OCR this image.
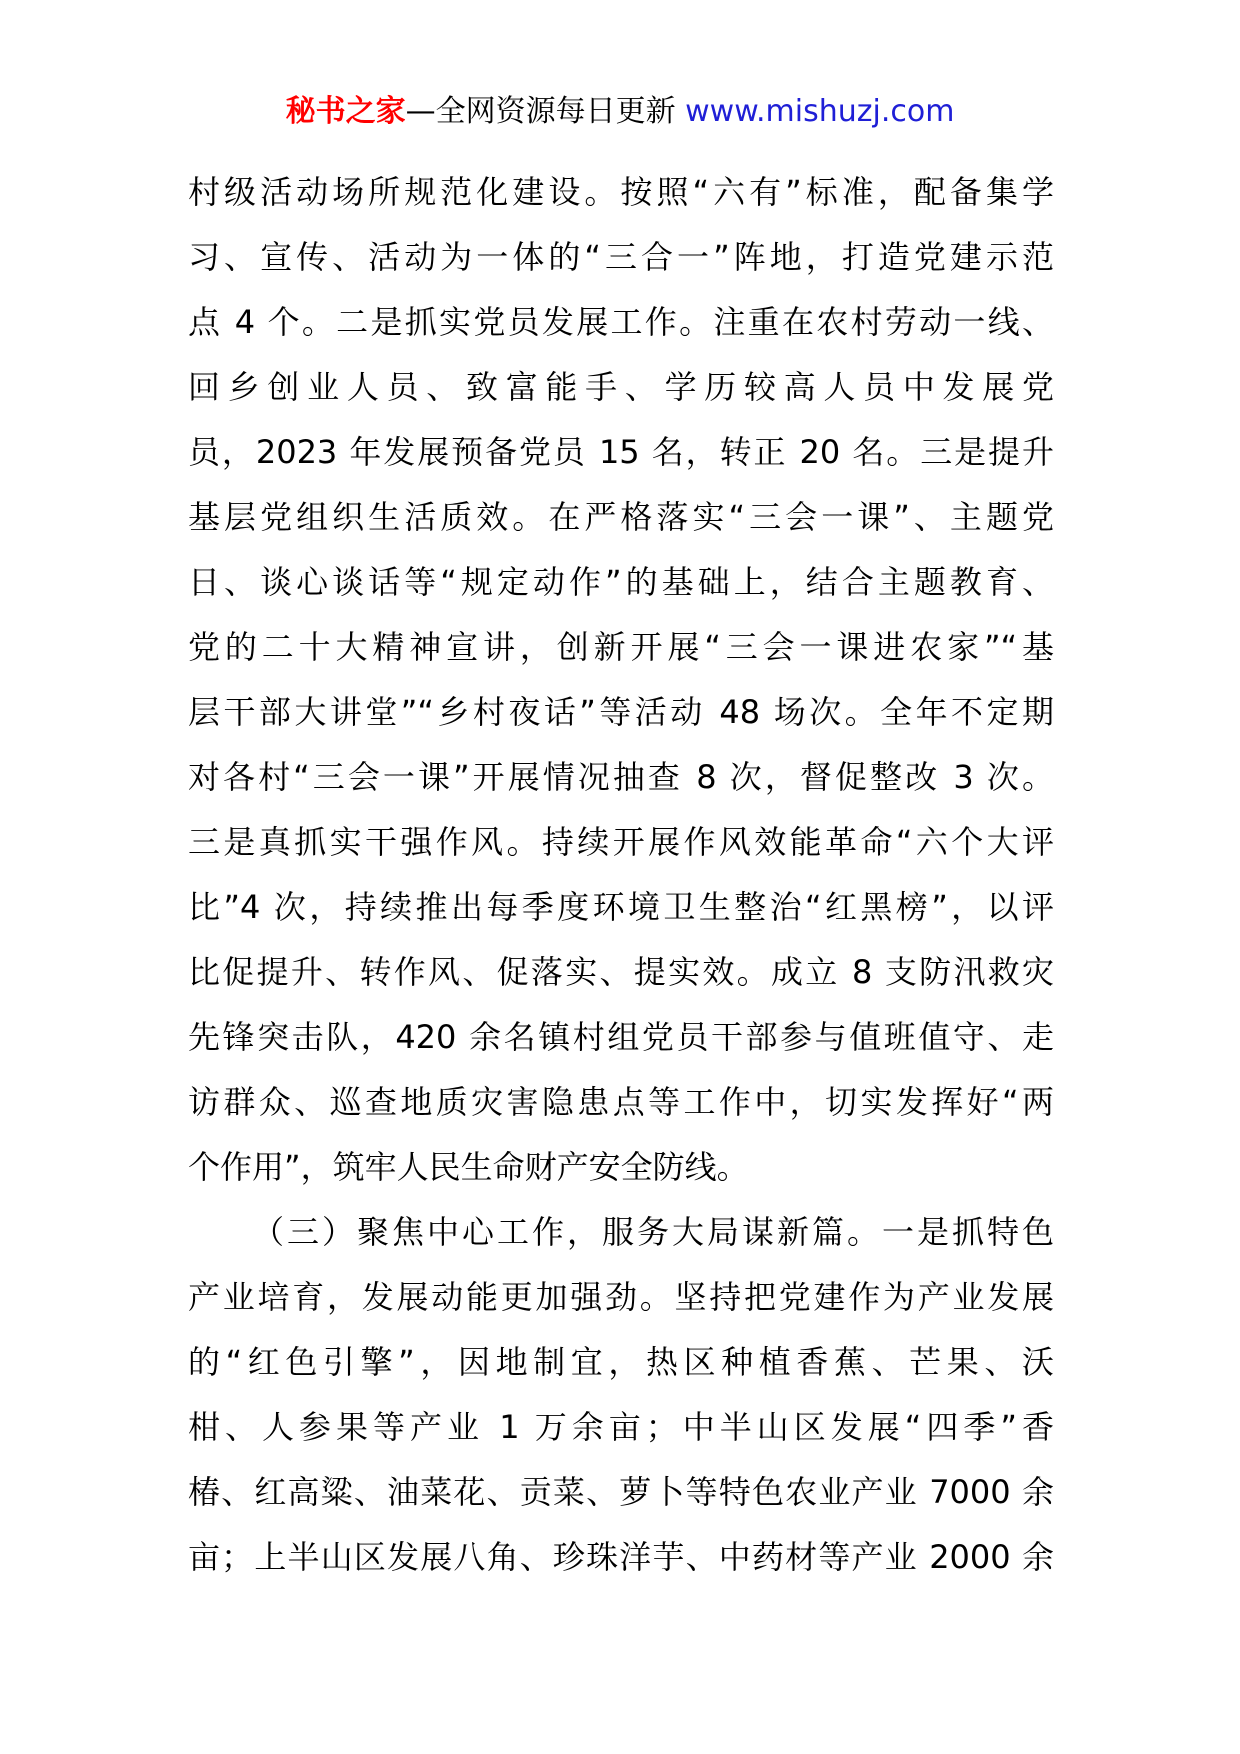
秘书之家—全网资源每日更新 www.mishuzj.com
村级活动场所规范化建设。按照“六有”标准，配备集学
习、宣传、活动为一体的“三合一”阵地，打造党建示范
点 4 个。二是抓实党员发展工作。注重在农村劳动一线、
回乡创业人员、致富能手、学历较高人员中发展党
员，2023 年发展预备党员 15 名，转正 20 名。三是提升
基层党组织生活质效。在严格落实“三会一课”、主题党
日、谈心谈话等“规定动作”的基础上，结合主题教育、
党的二十大精神宣讲，创新开展“三会一课进农家”“基
层干部大讲堂”“乡村夜话”等活动 48 场次。全年不定期
对各村“三会一课”开展情况抽查 8 次，督促整改 3 次。
三是真抓实干强作风。持续开展作风效能革命“六个大评
比”4 次，持续推出每季度环境卫生整治“红黑榜”，以评
比促提升、转作风、促落实、提实效。成立 8 支防汛救灾
先锋突击队，420 余名镇村组党员干部参与值班值守、走
访群众、巡查地质灾害隐患点等工作中，切实发挥好“两
个作用”，筑牢人民生命财产安全防线。
（三）聚焦中心工作，服务大局谋新篇。一是抓特色
产业培育，发展动能更加强劲。坚持把党建作为产业发展
的“红色引擎”，因地制宜，热区种植香蕉、芒果、沃
柑、人参果等产业 1 万余亩；中半山区发展“四季”香
椿、红高粱、油菜花、贡菜、萝卜等特色农业产业 7000 余
亩；上半山区发展八角、珍珠洋芋、中药材等产业 2000 余
